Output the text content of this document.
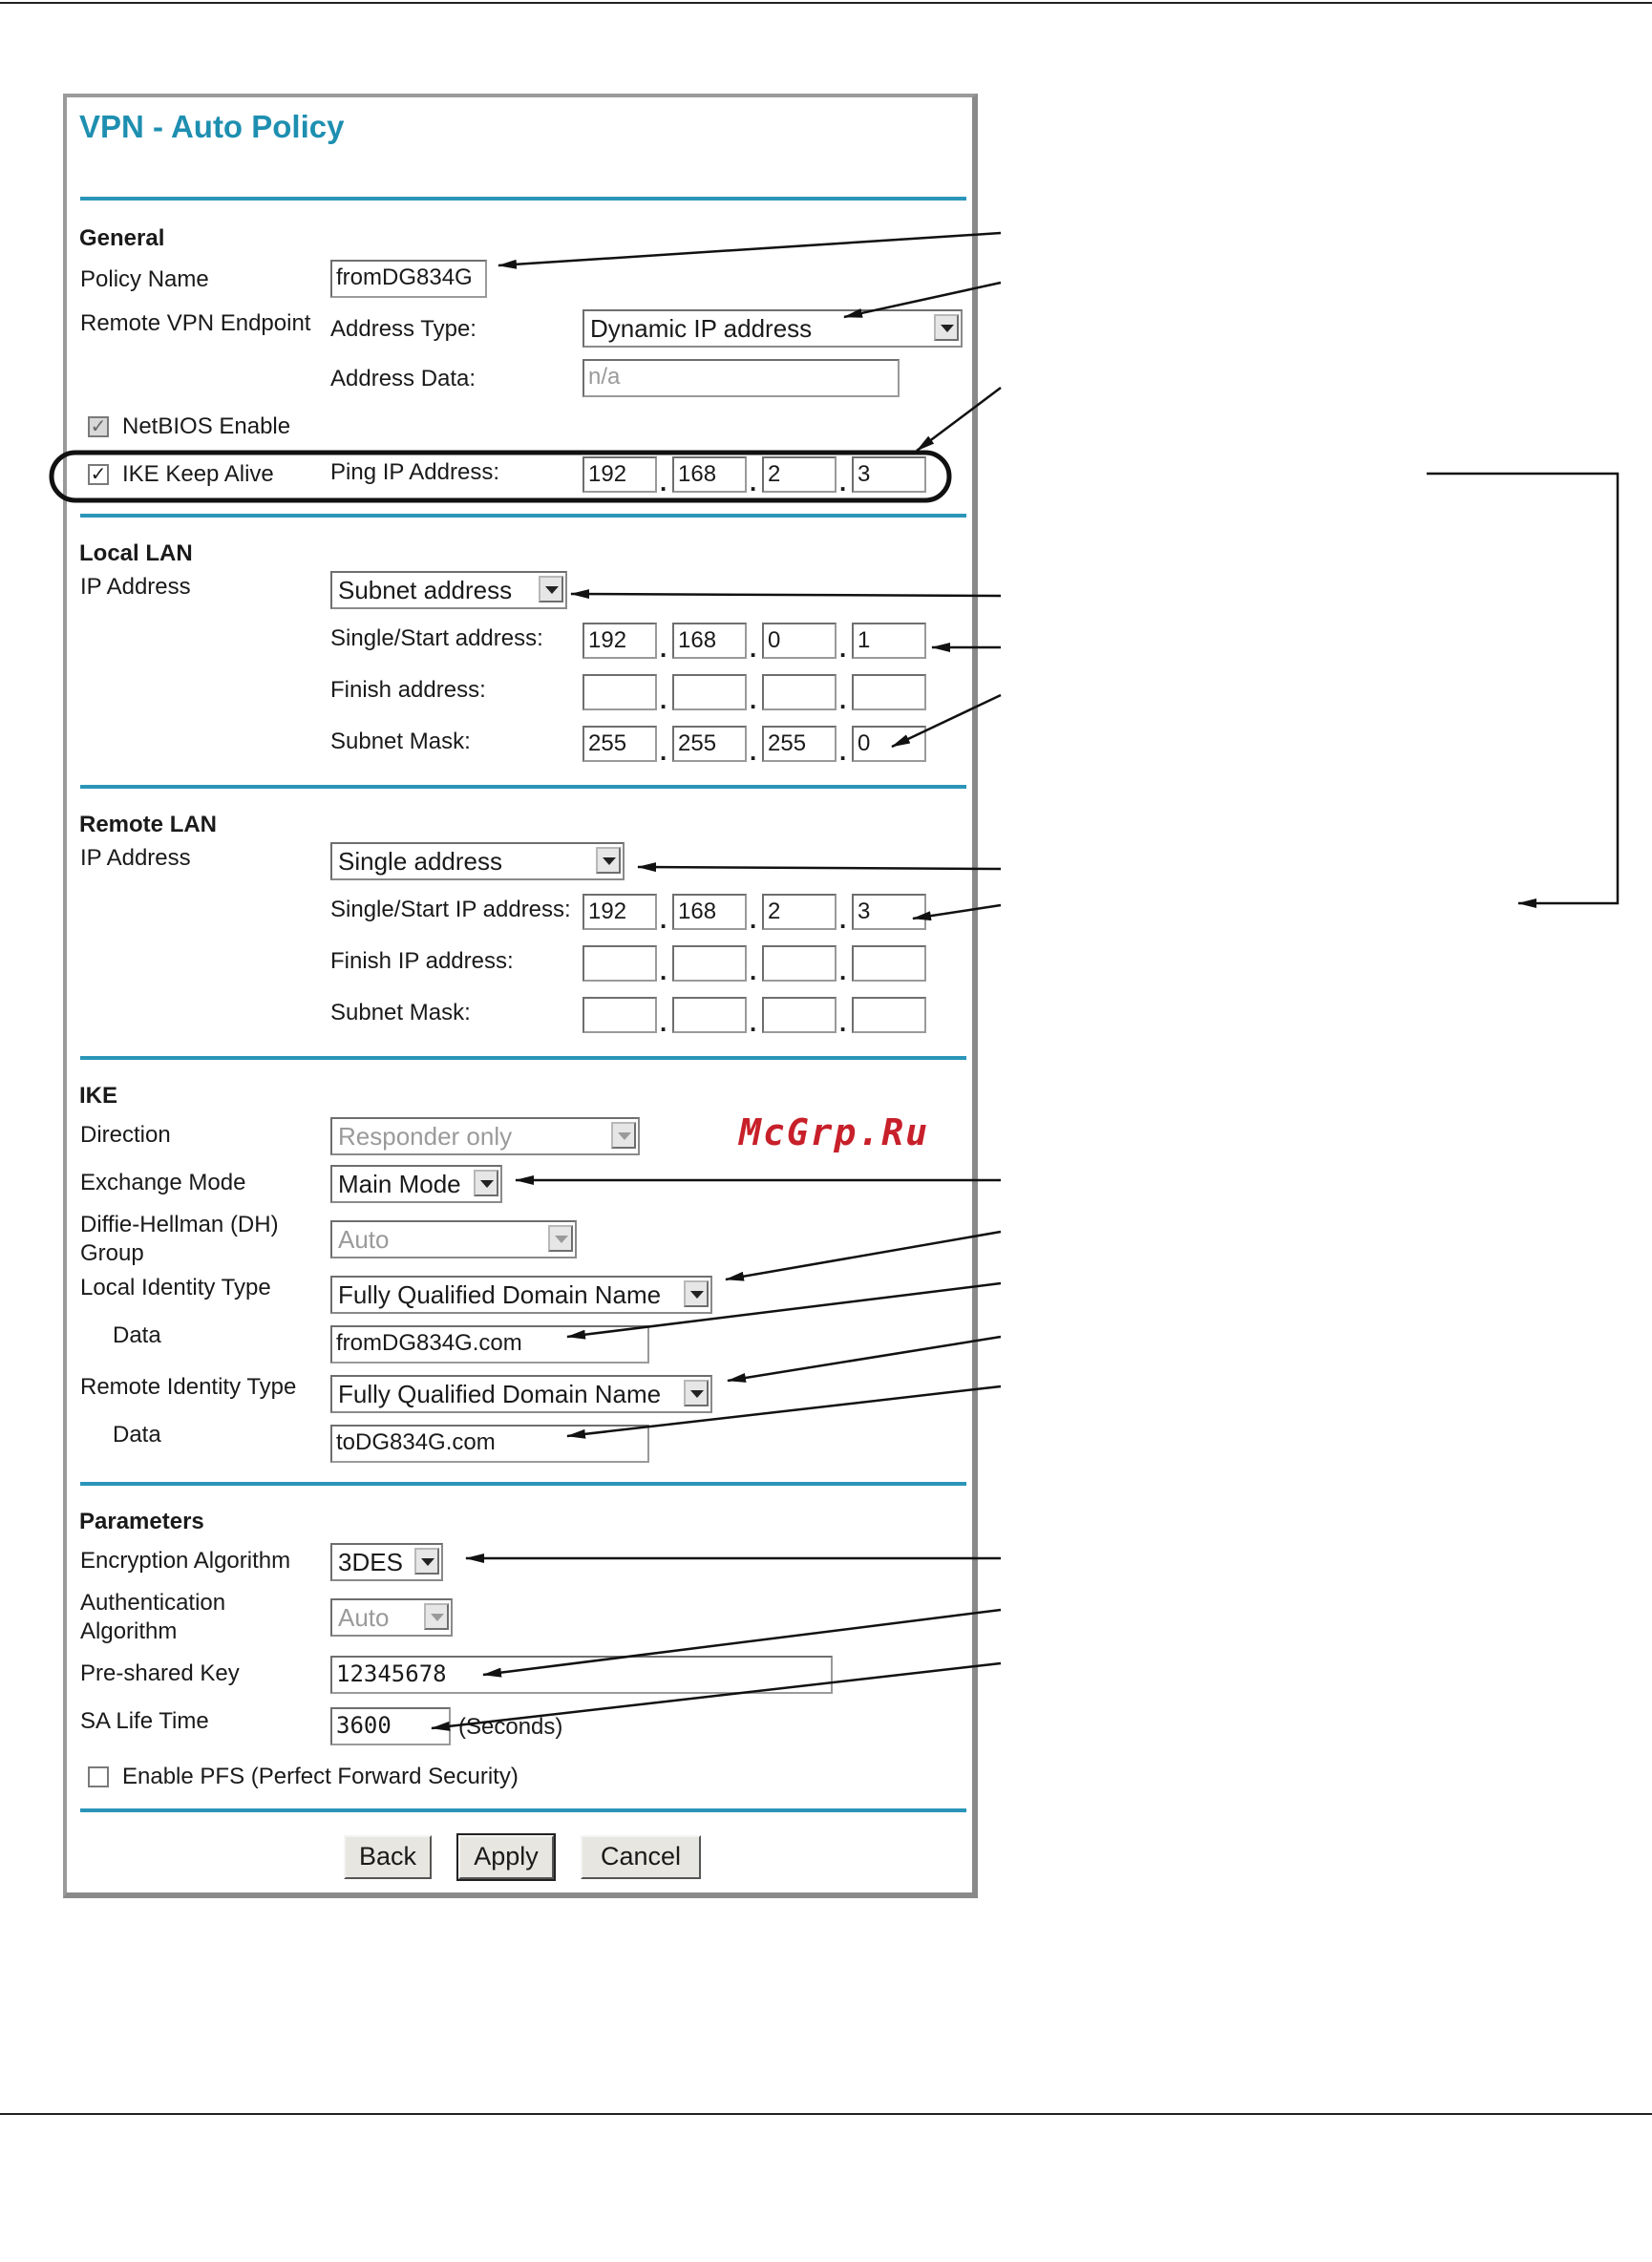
VPN - Auto Policy
General
Policy Name	fromDG834G
Remote VPN Endpoint Address Type:	Dynamic IP address
Address Data:	n/a
✓ NetBIOS Enable
✓ IKE Keep Alive Ping IP Address:	192	. 168	. 2	. 3
Local LAN
IP Address	Subnet address
Single/Start address: 192	. 168	. 0	. 1
Finish address:	.	.	.
Subnet Mask:	255	. 255	. 255	. 0
Remote LAN
IP Address	Single address
Single/Start IP address: 192	. 168	. 2	. 3
Finish IP address:	.	.	.
Subnet Mask:	.	.	.
IKE
Direction	Responder only	McGrp.Ru
Exchange Mode	Main Mode
Diffie-Hellman (DH)
Group	Auto
Local Identity Type	Fully Qualified Domain Name
Data	fromDG834G.com
Remote Identity Type	Fully Qualified Domain Name
Data	toDG834G.com
Parameters
Encryption Algorithm	3DES
Authentication
Algorithm	Auto
Pre-shared Key	12345678
SA Life Time	3600	(Seconds)
Enable PFS (Perfect Forward Security)
Back	Apply	Cancel
